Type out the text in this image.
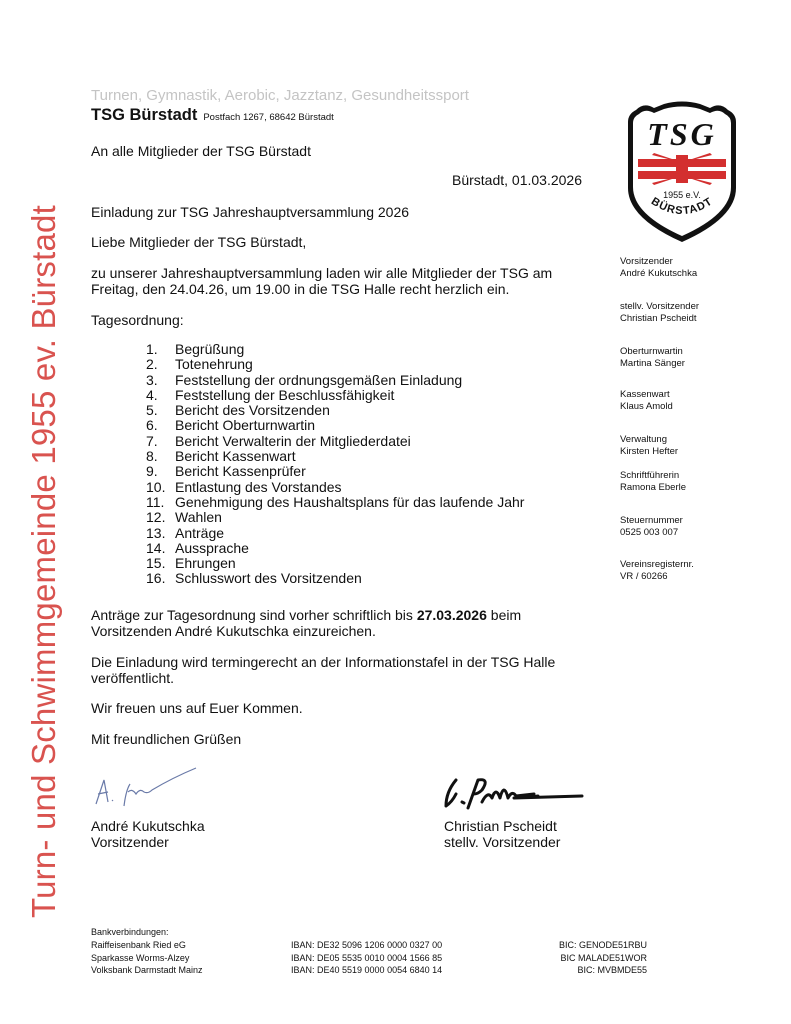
Turn- und Schwimmgemeinde 1955 ev. Bürstadt
Turnen, Gymnastik, Aerobic, Jazztanz, Gesundheitssport
TSG Bürstadt Postfach 1267, 68642 Bürstadt	TSG
1955 e.V.
BÜRSTADT
An alle Mitglieder der TSG Bürstadt
Bürstadt, 01.03.2026
Einladung zur TSG Jahreshauptversammlung 2026
Liebe Mitglieder der TSG Bürstadt,
zu unserer Jahreshauptversammlung laden wir alle Mitglieder der TSG am
Freitag, den 24.04.26, um 19.00 in die TSG Halle recht herzlich ein.
Tagesordnung:
1.	Begrüßung
2.	Totenehrung
3.	Feststellung der ordnungsgemäßen Einladung
4.	Feststellung der Beschlussfähigkeit
5.	Bericht des Vorsitzenden
6.	Bericht Oberturnwartin
7.	Bericht Verwalterin der Mitgliederdatei
8.	Bericht Kassenwart
9.	Bericht Kassenprüfer
10. Entlastung des Vorstandes
11. Genehmigung des Haushaltsplans für das laufende Jahr
12. Wahlen
13. Anträge
14. Aussprache
15. Ehrungen
16. Schlusswort des Vorsitzenden
Anträge zur Tagesordnung sind vorher schriftlich bis 27.03.2026 beim
Vorsitzenden André Kukutschka einzureichen.
Die Einladung wird termingerecht an der Informationstafel in der TSG Halle
veröffentlicht.
Wir freuen uns auf Euer Kommen.
Mit freundlichen Grüßen
André Kukutschka
Vorsitzender
Christian Pscheidt
stellv. Vorsitzender
Vorsitzender
André Kukutschka
stellv. Vorsitzender
Christian Pscheidt
Oberturnwartin
Martina Sänger
Kassenwart
Klaus Amold
Verwaltung
Kirsten Hefter
Schriftführerin
Ramona Eberle
Steuernummer
0525 003 007
Vereinsregisternr.
VR / 60266
Bankverbindungen:
Raiffeisenbank Ried eG	IBAN: DE32 5096 1206 0000 0327 00	BIC: GENODE51RBU
Sparkasse Worms-Alzey	IBAN: DE05 5535 0010 0004 1566 85	BIC MALADE51WOR
Volksbank Darmstadt Mainz	IBAN: DE40 5519 0000 0054 6840 14	BIC: MVBMDE55
